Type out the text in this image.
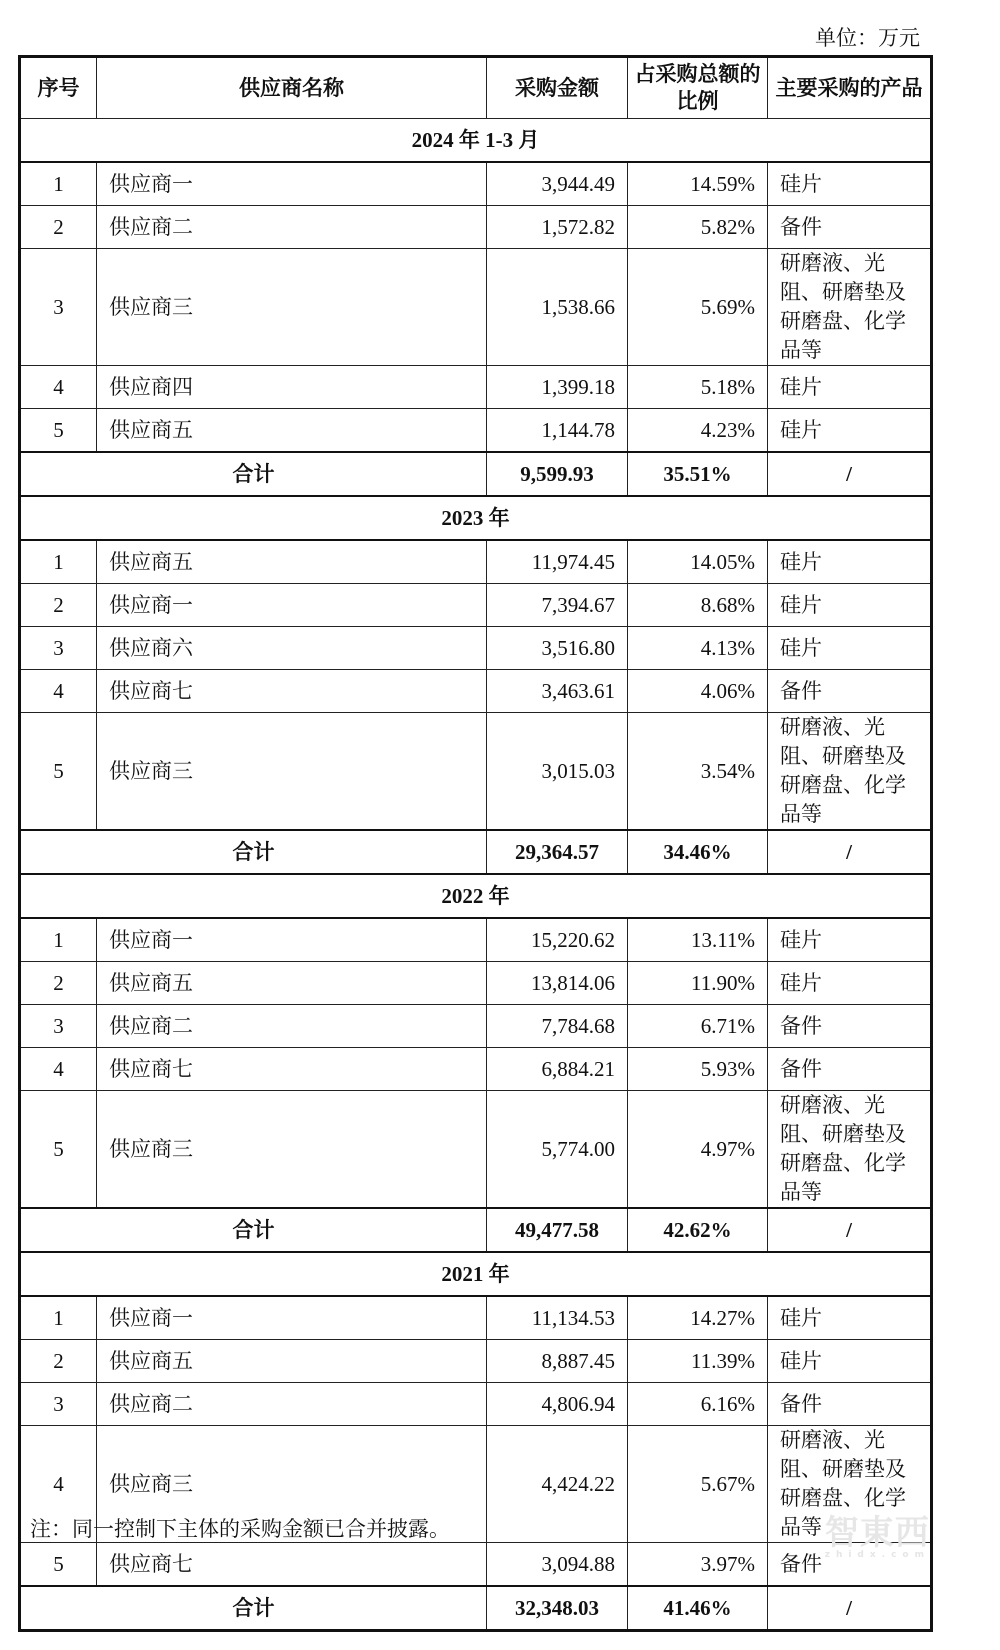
单位：万元
序号	供应商名称	采购金额	占采购总额的比例	主要采购的产品
2024 年 1-3 月				
1	供应商一	3,944.49	14.59%	硅片
2	供应商二	1,572.82	5.82%	备件
3	供应商三	1,538.66	5.69%	研磨液、光阻、研磨垫及研磨盘、化学品等
4	供应商四	1,399.18	5.18%	硅片
5	供应商五	1,144.78	4.23%	硅片
合计		9,599.93	35.51%	/
2023 年				
1	供应商五	11,974.45	14.05%	硅片
2	供应商一	7,394.67	8.68%	硅片
3	供应商六	3,516.80	4.13%	硅片
4	供应商七	3,463.61	4.06%	备件
5	供应商三	3,015.03	3.54%	研磨液、光阻、研磨垫及研磨盘、化学品等
合计		29,364.57	34.46%	/
2022 年				
1	供应商一	15,220.62	13.11%	硅片
2	供应商五	13,814.06	11.90%	硅片
3	供应商二	7,784.68	6.71%	备件
4	供应商七	6,884.21	5.93%	备件
5	供应商三	5,774.00	4.97%	研磨液、光阻、研磨垫及研磨盘、化学品等
合计		49,477.58	42.62%	/
2021 年				
1	供应商一	11,134.53	14.27%	硅片
2	供应商五	8,887.45	11.39%	硅片
3	供应商二	4,806.94	6.16%	备件
4	供应商三	4,424.22	5.67%	研磨液、光阻、研磨垫及研磨盘、化学品等
5	供应商七	3,094.88	3.97%	备件
合计		32,348.03	41.46%	/
注：同一控制下主体的采购金额已合并披露。	智東西
zhidx.com
